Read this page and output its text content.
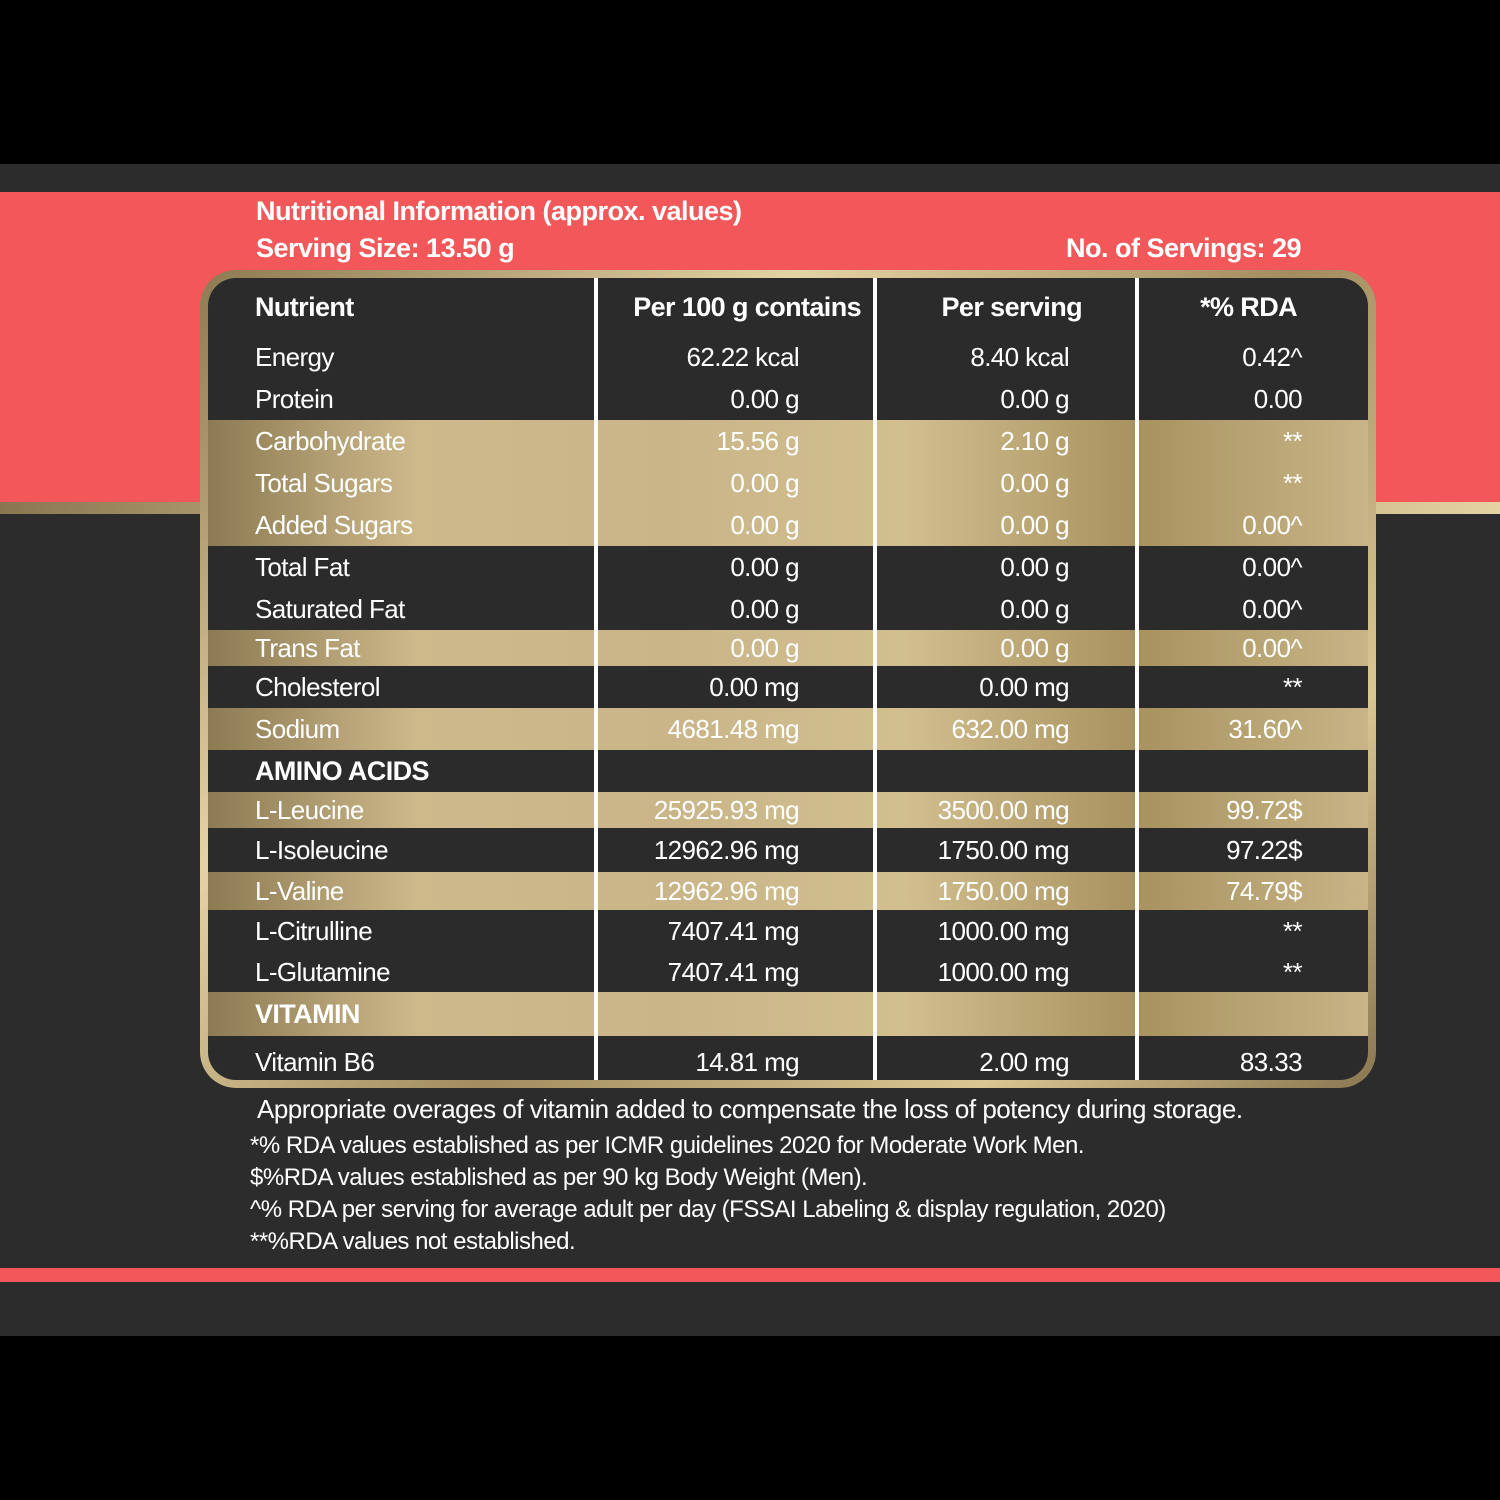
Nutritional Information (approx. values)
Serving Size: 13.50 g	No. of Servings: 29
Nutrient	Per 100 g contains	Per serving	*% RDA
Energy	62.22 kcal	8.40 kcal	0.42^
Protein	0.00 g	0.00 g	0.00
Carbohydrate	15.56 g	2.10 g	**
Total Sugars	0.00 g	0.00 g	**
Added Sugars	0.00 g	0.00 g	0.00^
Total Fat	0.00 g	0.00 g	0.00^
Saturated Fat	0.00 g	0.00 g	0.00^
Trans Fat	0.00 g	0.00 g	0.00^
Cholesterol	0.00 mg	0.00 mg	**
Sodium	4681.48 mg	632.00 mg	31.60^
AMINO ACIDS
L-Leucine	25925.93 mg	3500.00 mg	99.72$
L-Isoleucine	12962.96 mg	1750.00 mg	97.22$
L-Valine	12962.96 mg	1750.00 mg	74.79$
L-Citrulline	7407.41 mg	1000.00 mg	**
L-Glutamine	7407.41 mg	1000.00 mg	**
VITAMIN
Vitamin B6	14.81 mg	2.00 mg	83.33
Appropriate overages of vitamin added to compensate the loss of potency during storage.
*% RDA values established as per ICMR guidelines 2020 for Moderate Work Men.
$%RDA values established as per 90 kg Body Weight (Men).
^% RDA per serving for average adult per day (FSSAI Labeling & display regulation, 2020)
**%RDA values not established.
